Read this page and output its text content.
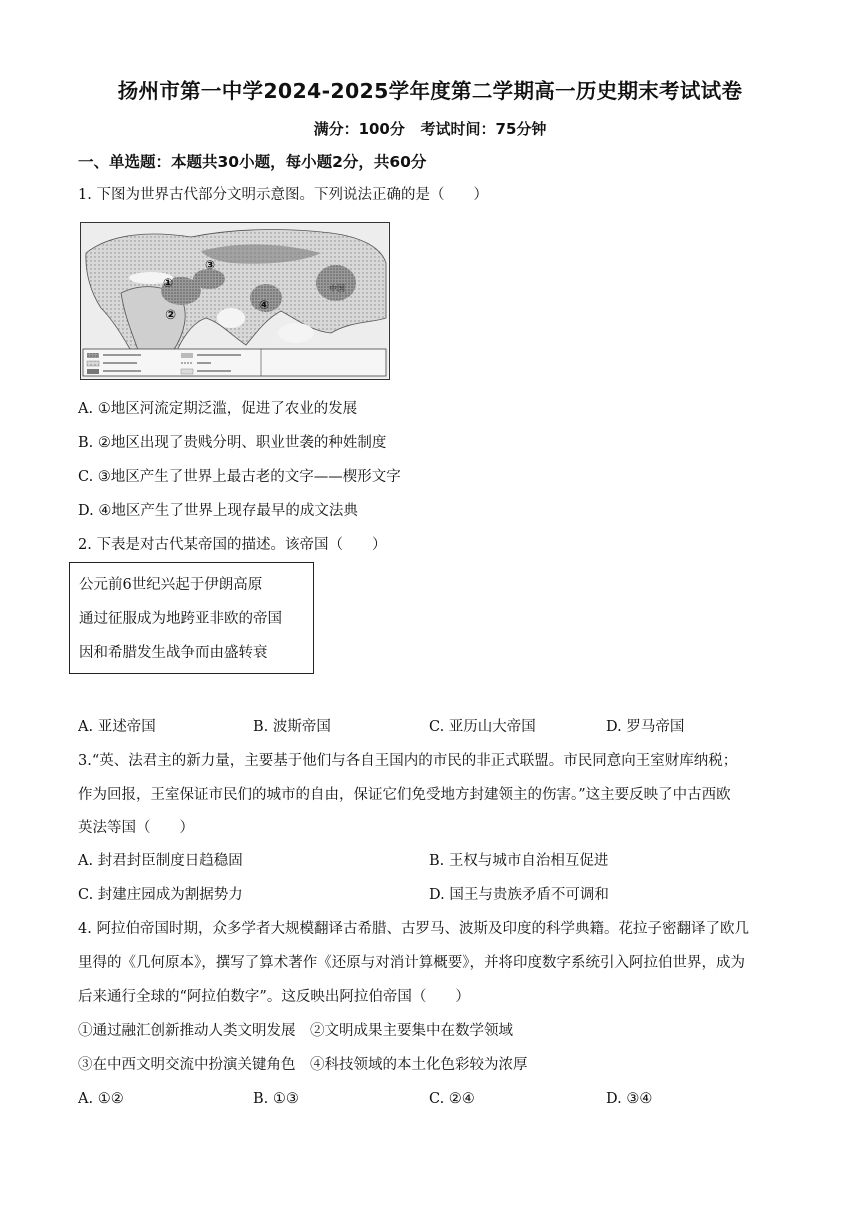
扬州市第一中学2024-2025学年度第二学期高一历史期末考试试卷
满分：100分   考试时间：75分钟
一、单选题：本题共30小题，每小题2分，共60分
1. 下图为世界古代部分文明示意图。下列说法正确的是（　　）
①
②
③
④
中国
A. ①地区河流定期泛滥，促进了农业的发展
B. ②地区出现了贵贱分明、职业世袭的种姓制度
C. ③地区产生了世界上最古老的文字——楔形文字
D. ④地区产生了世界上现存最早的成文法典
2. 下表是对古代某帝国的描述。该帝国（　　）
公元前6世纪兴起于伊朗高原
通过征服成为地跨亚非欧的帝国
因和希腊发生战争而由盛转衰
A. 亚述帝国	B. 波斯帝国	C. 亚历山大帝国	D. 罗马帝国
3.“英、法君主的新力量，主要基于他们与各自王国内的市民的非正式联盟。市民同意向王室财库纳税；
作为回报，王室保证市民们的城市的自由，保证它们免受地方封建领主的伤害。”这主要反映了中古西欧
英法等国（　　）
A. 封君封臣制度日趋稳固	B. 王权与城市自治相互促进
C. 封建庄园成为割据势力	D. 国王与贵族矛盾不可调和
4. 阿拉伯帝国时期，众多学者大规模翻译古希腊、古罗马、波斯及印度的科学典籍。花拉子密翻译了欧几
里得的《几何原本》，撰写了算术著作《还原与对消计算概要》，并将印度数字系统引入阿拉伯世界，成为
后来通行全球的“阿拉伯数字”。这反映出阿拉伯帝国（　　）
①通过融汇创新推动人类文明发展　②文明成果主要集中在数学领域
③在中西文明交流中扮演关键角色　④科技领域的本土化色彩较为浓厚
A. ①②	B. ①③	C. ②④	D. ③④
